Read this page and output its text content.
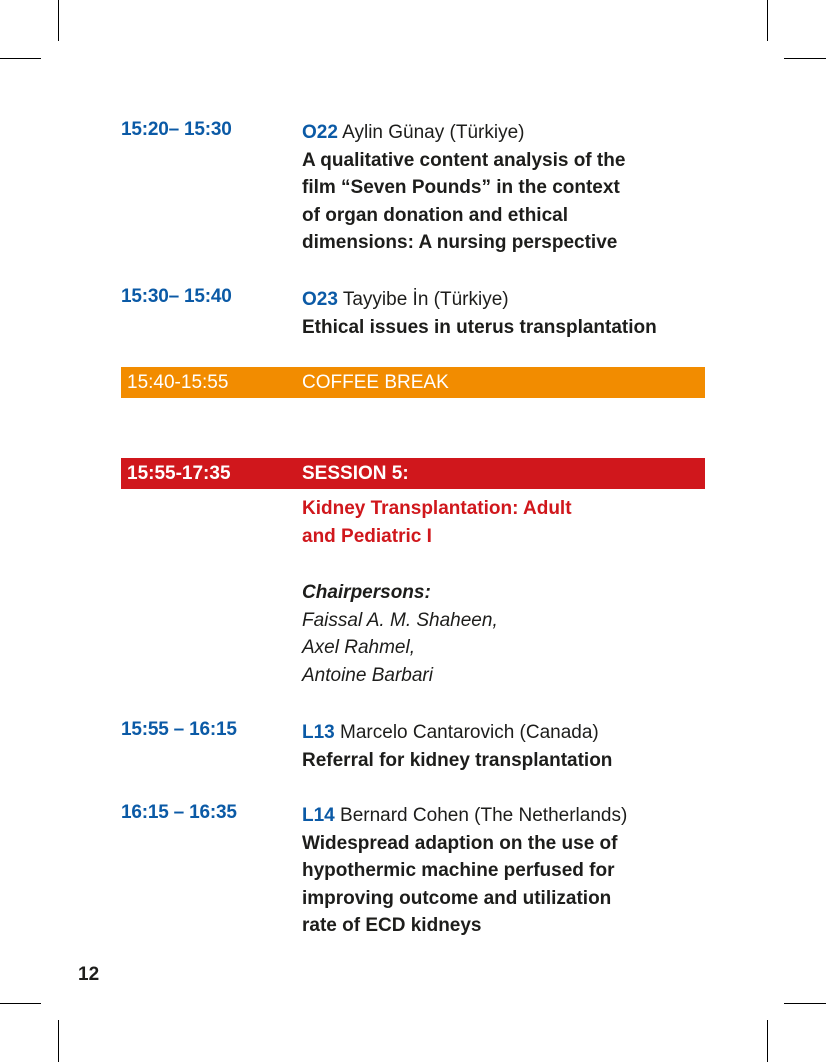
15:20– 15:30	O22 Aylin Günay (Türkiye)
A qualitative content analysis of the
film “Seven Pounds” in the context
of organ donation and ethical
dimensions: A nursing perspective
15:30– 15:40	O23 Tayyibe İn (Türkiye)
Ethical issues in uterus transplantation
15:40-15:55	COFFEE BREAK
15:55-17:35	SESSION 5:
Kidney Transplantation: Adult
and Pediatric I
Chairpersons:
Faissal A. M. Shaheen,
Axel Rahmel,
Antoine Barbari
15:55 – 16:15	L13 Marcelo Cantarovich (Canada)
Referral for kidney transplantation
16:15 – 16:35	L14 Bernard Cohen (The Netherlands)
Widespread adaption on the use of
hypothermic machine perfused for
improving outcome and utilization
rate of ECD kidneys
12
